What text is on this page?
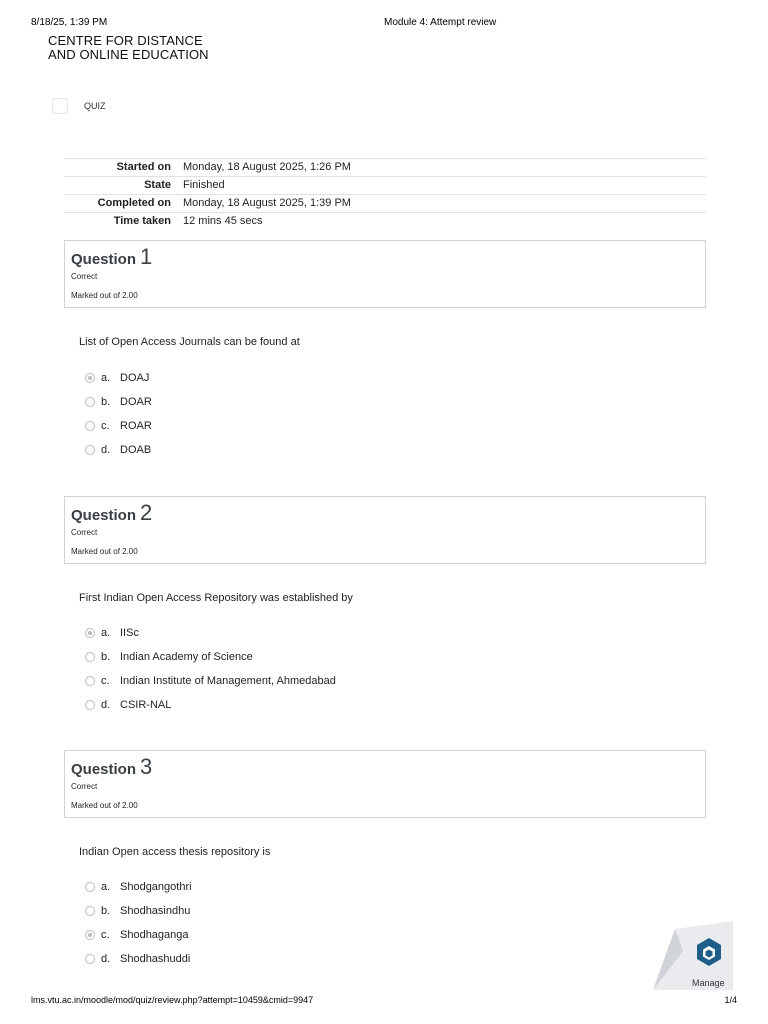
8/18/25, 1:39 PM	Module 4: Attempt review
CENTRE FOR DISTANCE
AND ONLINE EDUCATION
QUIZ
Started on	Monday, 18 August 2025, 1:26 PM
State	Finished
Completed on	Monday, 18 August 2025, 1:39 PM
Time taken	12 mins 45 secs
Question 1
Correct
Marked out of 2.00
List of Open Access Journals can be found at
a. DOAJ
b. DOAR
c. ROAR
d. DOAB
Question 2
Correct
Marked out of 2.00
First Indian Open Access Repository was established by
a. IISc
b. Indian Academy of Science
c. Indian Institute of Management, Ahmedabad
d. CSIR-NAL
Question 3
Correct
Marked out of 2.00
Indian Open access thesis repository is
a. Shodgangothri
b. Shodhasindhu
c. Shodhaganga
d. Shodhashuddi
Manage
lms.vtu.ac.in/moodle/mod/quiz/review.php?attempt=10459&cmid=9947	1/4
